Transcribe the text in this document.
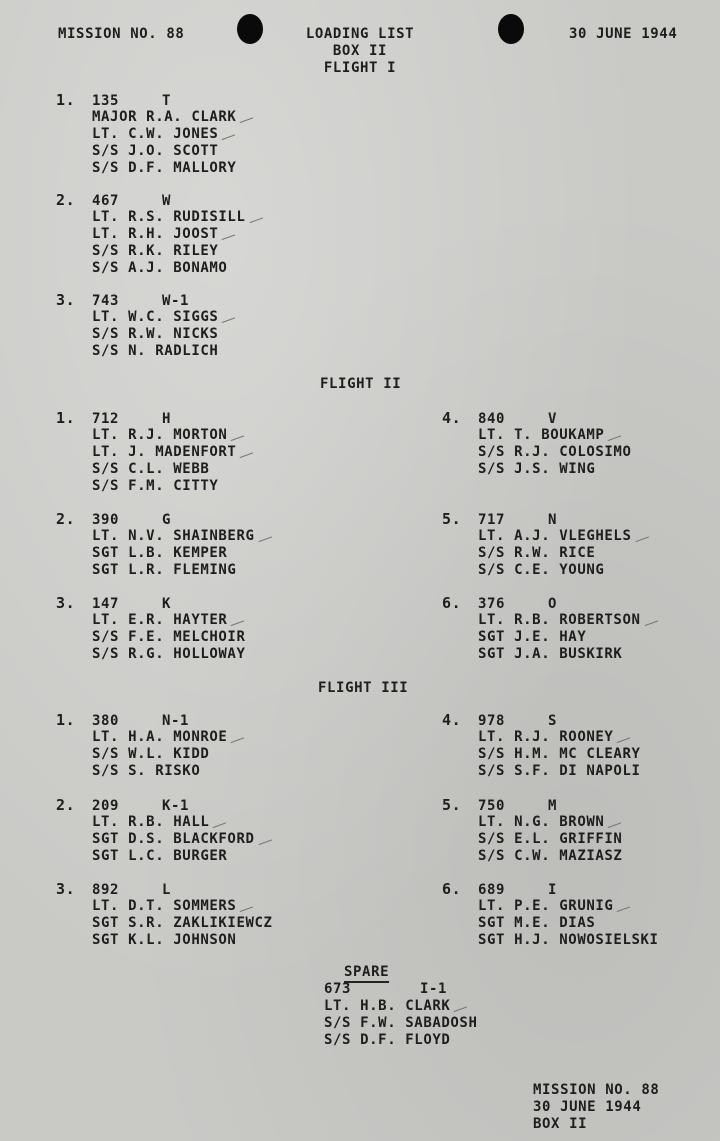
MISSION NO. 88	LOADING LIST
BOX II
FLIGHT I
30 JUNE 1944
1.	135	T
MAJOR R.A. CLARK
LT. C.W. JONES
S/S J.O. SCOTT
S/S D.F. MALLORY
2.	467	W
LT. R.S. RUDISILL
LT. R.H. JOOST
S/S R.K. RILEY
S/S A.J. BONAMO
3.	743	W-1
LT. W.C. SIGGS
S/S R.W. NICKS
S/S N. RADLICH
FLIGHT II
1.	712	H
LT. R.J. MORTON
LT. J. MADENFORT
S/S C.L. WEBB
S/S F.M. CITTY
2.	390	G
LT. N.V. SHAINBERG
SGT L.B. KEMPER
SGT L.R. FLEMING
3.	147	K
LT. E.R. HAYTER
S/S F.E. MELCHOIR
S/S R.G. HOLLOWAY
4.	840	V
LT. T. BOUKAMP
S/S R.J. COLOSIMO
S/S J.S. WING
5.	717	N
LT. A.J. VLEGHELS
S/S R.W. RICE
S/S C.E. YOUNG
6.	376	O
LT. R.B. ROBERTSON
SGT J.E. HAY
SGT J.A. BUSKIRK
FLIGHT III
1.	380	N-1
LT. H.A. MONROE
S/S W.L. KIDD
S/S S. RISKO
2.	209	K-1
LT. R.B. HALL
SGT D.S. BLACKFORD
SGT L.C. BURGER
3.	892	L
LT. D.T. SOMMERS
SGT S.R. ZAKLIKIEWCZ
SGT K.L. JOHNSON
4.	978	S
LT. R.J. ROONEY
S/S H.M. MC CLEARY
S/S S.F. DI NAPOLI
5.	750	M
LT. N.G. BROWN
S/S E.L. GRIFFIN
S/S C.W. MAZIASZ
6.	689	I
LT. P.E. GRUNIG
SGT M.E. DIAS
SGT H.J. NOWOSIELSKI
SPARE
673	I-1
LT. H.B. CLARK
S/S F.W. SABADOSH
S/S D.F. FLOYD
MISSION NO. 88
30 JUNE 1944
BOX II
